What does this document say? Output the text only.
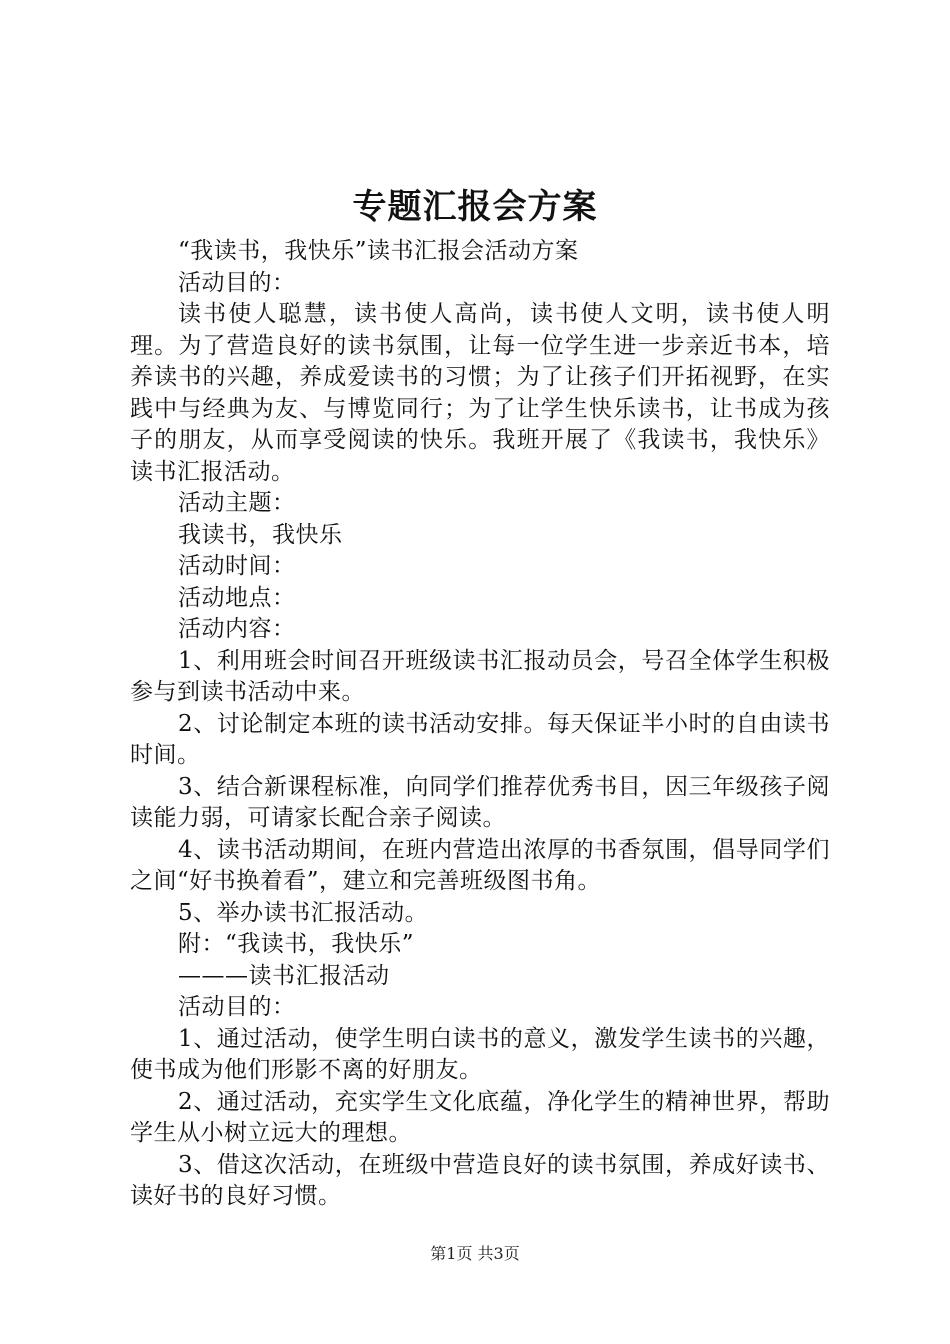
专题汇报会方案

“我读书，我快乐”读书汇报会活动方案

活动目的：

读书使人聪慧，读书使人高尚，读书使人文明，读书使人明理。为了营造良好的读书氛围，让每一位学生进一步亲近书本，培养读书的兴趣，养成爱读书的习惯；为了让孩子们开拓视野，在实践中与经典为友、与博览同行；为了让学生快乐读书，让书成为孩子的朋友，从而享受阅读的快乐。我班开展了《我读书，我快乐》读书汇报活动。

活动主题：

我读书，我快乐

活动时间：

活动地点：

活动内容：

1、利用班会时间召开班级读书汇报动员会，号召全体学生积极参与到读书活动中来。

2、讨论制定本班的读书活动安排。每天保证半小时的自由读书时间。

3、结合新课程标准，向同学们推荐优秀书目，因三年级孩子阅读能力弱，可请家长配合亲子阅读。

4、读书活动期间，在班内营造出浓厚的书香氛围，倡导同学们之间“好书换着看”，建立和完善班级图书角。

5、举办读书汇报活动。

附：“我读书，我快乐”

———读书汇报活动

活动目的：

1、通过活动，使学生明白读书的意义，激发学生读书的兴趣，使书成为他们形影不离的好朋友。

2、通过活动，充实学生文化底蕴，净化学生的精神世界，帮助学生从小树立远大的理想。

3、借这次活动，在班级中营造良好的读书氛围，养成好读书、读好书的良好习惯。

第1页 共3页
